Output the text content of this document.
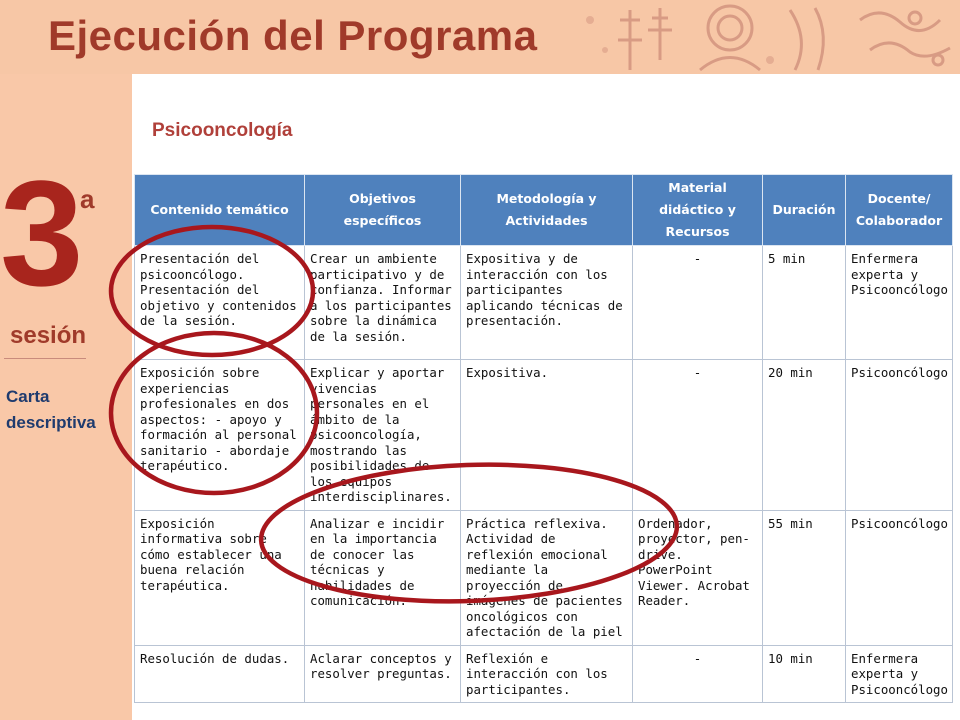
Ejecución del Programa
3
a
sesión
Carta descriptiva
Psicooncología
Contenido temático	Objetivos específicos	Metodología y Actividades	Material didáctico y Recursos	Duración	Docente/ Colaborador
Presentación del psicooncólogo. Presentación del objetivo y contenidos de la sesión.	Crear un ambiente participativo y de confianza. Informar a los participantes sobre la dinámica de la sesión.	Expositiva y de interacción con los participantes aplicando técnicas de presentación.	-	5 min	Enfermera experta y Psicooncólogo
Exposición sobre experiencias profesionales en dos aspectos: - apoyo y formación al personal sanitario - abordaje terapéutico.	Explicar y aportar vivencias personales en el ámbito de la psicooncología, mostrando las posibilidades de los equipos interdisciplinares.	Expositiva.	-	20 min	Psicooncólogo
Exposición informativa sobre cómo establecer una buena relación terapéutica.	Analizar e incidir en la importancia de conocer las técnicas y habilidades de comunicación.	Práctica reflexiva. Actividad de reflexión emocional mediante la proyección de imágenes de pacientes oncológicos con afectación de la piel	Ordenador, proyector, pen-drive. PowerPoint Viewer. Acrobat Reader.	55 min	Psicooncólogo
Resolución de dudas.	Aclarar conceptos y resolver preguntas.	Reflexión e interacción con los participantes.	-	10 min	Enfermera experta y Psicooncólogo
